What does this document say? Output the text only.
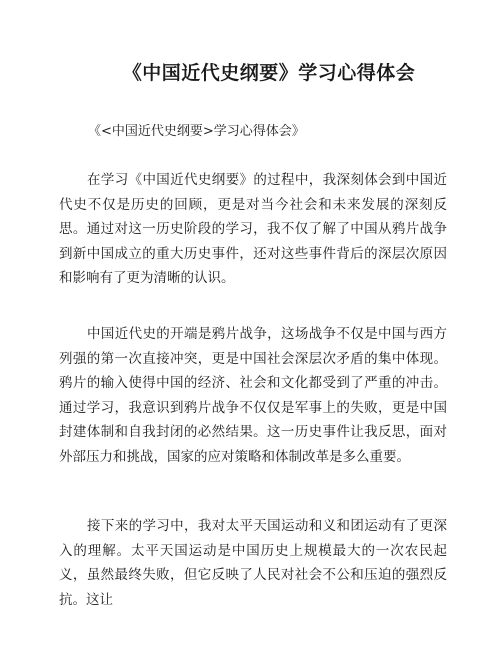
《中国近代史纲要》学习心得体会

《<中国近代史纲要>学习心得体会》

在学习《中国近代史纲要》的过程中，我深刻体会到中国近代史不仅是历史的回顾，更是对当今社会和未来发展的深刻反思。通过对这一历史阶段的学习，我不仅了解了中国从鸦片战争到新中国成立的重大历史事件，还对这些事件背后的深层次原因和影响有了更为清晰的认识。

中国近代史的开端是鸦片战争，这场战争不仅是中国与西方列强的第一次直接冲突，更是中国社会深层次矛盾的集中体现。鸦片的输入使得中国的经济、社会和文化都受到了严重的冲击。通过学习，我意识到鸦片战争不仅仅是军事上的失败，更是中国封建体制和自我封闭的必然结果。这一历史事件让我反思，面对外部压力和挑战，国家的应对策略和体制改革是多么重要。

接下来的学习中，我对太平天国运动和义和团运动有了更深入的理解。太平天国运动是中国历史上规模最大的一次农民起义，虽然最终失败，但它反映了人民对社会不公和压迫的强烈反抗。这让
